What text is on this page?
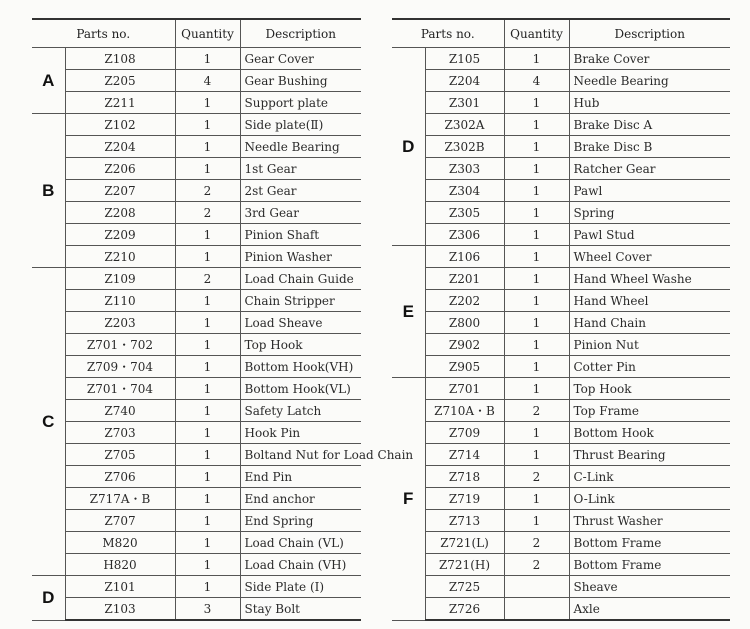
Parts no.		Quantity	Description
A	Z108	1	Gear Cover
	Z205	4	Gear Bushing
	Z211	1	Support plate
B	Z102	1	Side plate(Ⅱ)
	Z204	1	Needle Bearing
	Z206	1	1st Gear
	Z207	2	2st Gear
	Z208	2	3rd Gear
	Z209	1	Pinion Shaft
	Z210	1	Pinion Washer
C	Z109	2	Load Chain Guide
	Z110	1	Chain Stripper
	Z203	1	Load Sheave
	Z701・702	1	Top Hook
	Z709・704	1	Bottom Hook(VH)
	Z701・704	1	Bottom Hook(VL)
	Z740	1	Safety Latch
	Z703	1	Hook Pin
	Z705	1	Boltand Nut for Load Chain
	Z706	1	End Pin
	Z717A・B	1	End anchor
	Z707	1	End Spring
	M820	1	Load Chain (VL)
	H820	1	Load Chain (VH)
D	Z101	1	Side Plate (Ⅰ)
	Z103	3	Stay Bolt
Parts no.		Quantity	Description
D	Z105	1	Brake Cover
	Z204	4	Needle Bearing
	Z301	1	Hub
	Z302A	1	Brake Disc A
	Z302B	1	Brake Disc B
	Z303	1	Ratcher Gear
	Z304	1	Pawl
	Z305	1	Spring
	Z306	1	Pawl Stud
E	Z106	1	Wheel Cover
	Z201	1	Hand Wheel Washe
	Z202	1	Hand Wheel
	Z800	1	Hand Chain
	Z902	1	Pinion Nut
	Z905	1	Cotter Pin
F	Z701	1	Top Hook
	Z710A・B	2	Top Frame
	Z709	1	Bottom Hook
	Z714	1	Thrust Bearing
	Z718	2	C-Link
	Z719	1	O-Link
	Z713	1	Thrust Washer
	Z721(L)	2	Bottom Frame
	Z721(H)	2	Bottom Frame
	Z725		Sheave
	Z726		Axle
